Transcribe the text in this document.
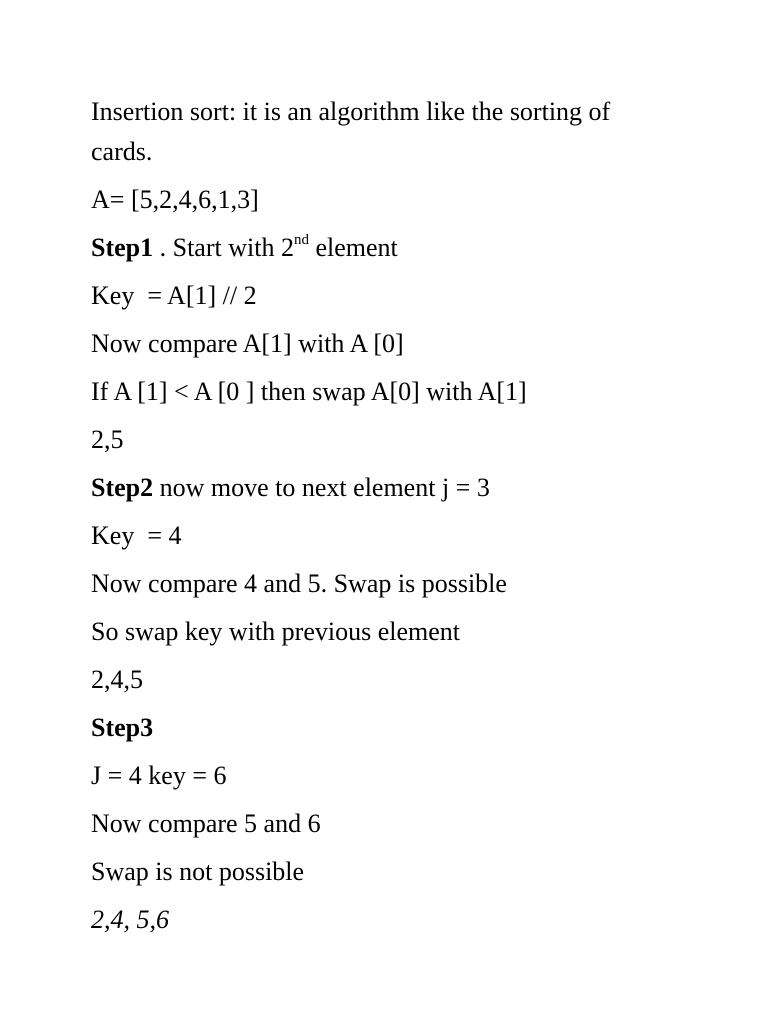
Insertion sort: it is an algorithm like the sorting of cards.

A= [5,2,4,6,1,3]

Step1 . Start with 2nd element

Key  = A[1] // 2

Now compare A[1] with A [0]

If A [1] < A [0 ] then swap A[0] with A[1]

2,5

Step2 now move to next element j = 3

Key  = 4

Now compare 4 and 5. Swap is possible

So swap key with previous element

2,4,5

Step3

J = 4 key = 6

Now compare 5 and 6

Swap is not possible

2,4, 5,6
